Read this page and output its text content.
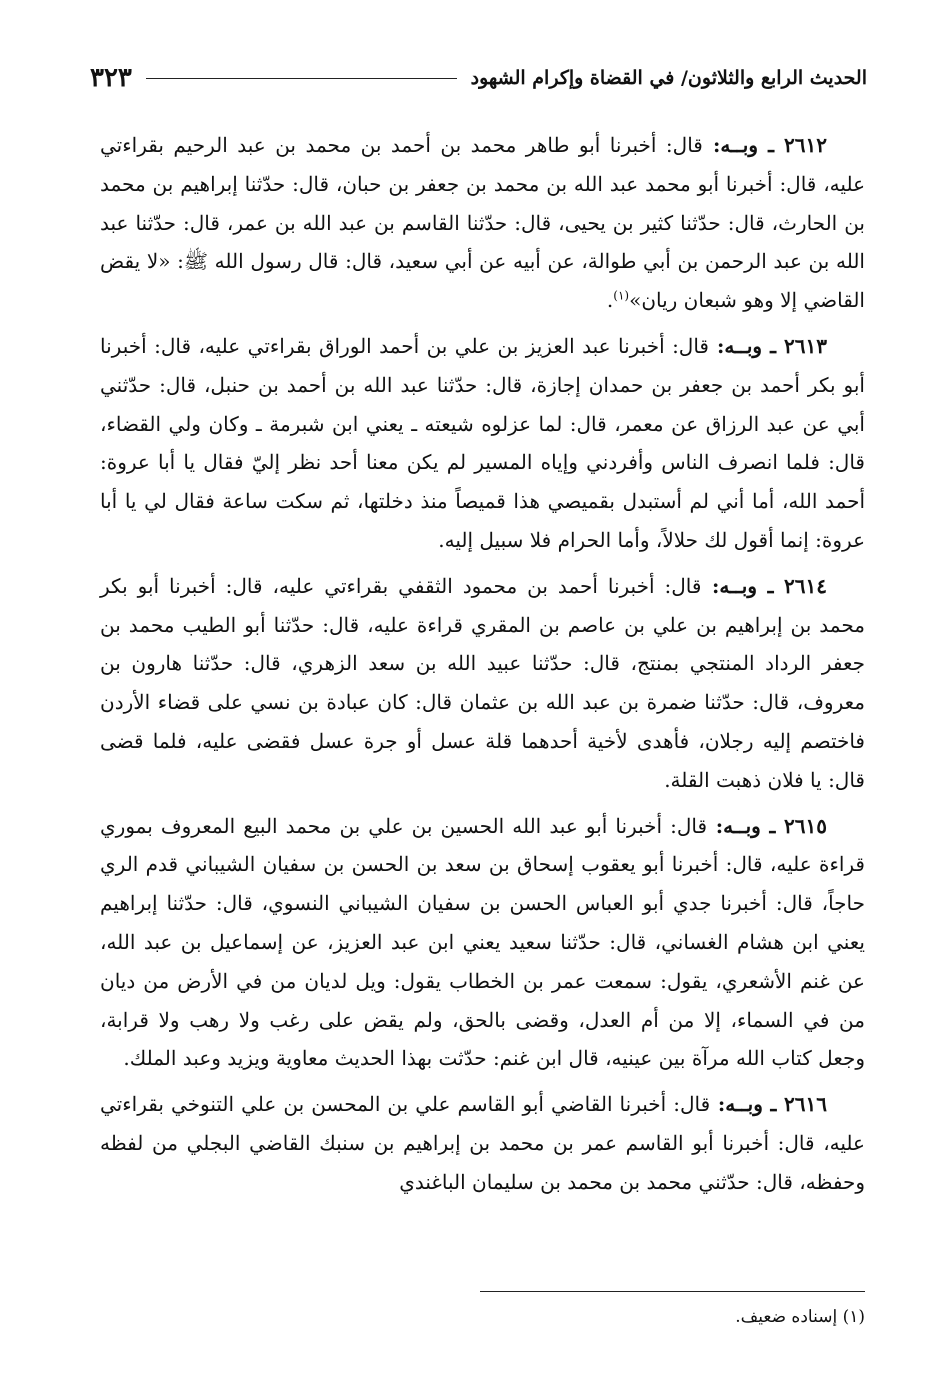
الحديث الرابع والثلاثون/ في القضاة وإكرام الشهود
٣٢٣

٢٦١٢ ـ وبــه: قال: أخبرنا أبو طاهر محمد بن أحمد بن محمد بن عبد الرحيم بقراءتي عليه، قال: أخبرنا أبو محمد عبد الله بن محمد بن جعفر بن حبان، قال: حدّثنا إبراهيم بن محمد بن الحارث، قال: حدّثنا كثير بن يحيى، قال: حدّثنا القاسم بن عبد الله بن عمر، قال: حدّثنا عبد الله بن عبد الرحمن بن أبي طوالة، عن أبيه عن أبي سعيد، قال: قال رسول الله ﷺ: «لا يقض القاضي إلا وهو شبعان ريان»$^{(١)}$.

٢٦١٣ ـ وبــه: قال: أخبرنا عبد العزيز بن علي بن أحمد الوراق بقراءتي عليه، قال: أخبرنا أبو بكر أحمد بن جعفر بن حمدان إجازة، قال: حدّثنا عبد الله بن أحمد بن حنبل، قال: حدّثني أبي عن عبد الرزاق عن معمر، قال: لما عزلوه شيعته ـ يعني ابن شبرمة ـ وكان ولي القضاء، قال: فلما انصرف الناس وأفردني وإياه المسير لم يكن معنا أحد نظر إليّ فقال يا أبا عروة: أحمد الله، أما أني لم أستبدل بقميصي هذا قميصاً منذ دخلتها، ثم سكت ساعة فقال لي يا أبا عروة: إنما أقول لك حلالاً، وأما الحرام فلا سبيل إليه.

٢٦١٤ ـ وبــه: قال: أخبرنا أحمد بن محمود الثقفي بقراءتي عليه، قال: أخبرنا أبو بكر محمد بن إبراهيم بن علي بن عاصم بن المقري قراءة عليه، قال: حدّثنا أبو الطيب محمد بن جعفر الرداد المنتجي بمنتج، قال: حدّثنا عبيد الله بن سعد الزهري، قال: حدّثنا هارون بن معروف، قال: حدّثنا ضمرة بن عبد الله بن عثمان قال: كان عبادة بن نسي على قضاء الأردن فاختصم إليه رجلان، فأهدى لأخية أحدهما قلة عسل أو جرة عسل فقضى عليه، فلما قضى قال: يا فلان ذهبت القلة.

٢٦١٥ ـ وبــه: قال: أخبرنا أبو عبد الله الحسين بن علي بن محمد البيع المعروف بموري قراءة عليه، قال: أخبرنا أبو يعقوب إسحاق بن سعد بن الحسن بن سفيان الشيباني قدم الري حاجاً، قال: أخبرنا جدي أبو العباس الحسن بن سفيان الشيباني النسوي، قال: حدّثنا إبراهيم يعني ابن هشام الغساني، قال: حدّثنا سعيد يعني ابن عبد العزيز، عن إسماعيل بن عبد الله، عن غنم الأشعري، يقول: سمعت عمر بن الخطاب يقول: ويل لديان من في الأرض من ديان من في السماء، إلا من أم العدل، وقضى بالحق، ولم يقض على رغب ولا رهب ولا قرابة، وجعل كتاب الله مرآة بين عينيه، قال ابن غنم: حدّثت بهذا الحديث معاوية ويزيد وعبد الملك.

٢٦١٦ ـ وبــه: قال: أخبرنا القاضي أبو القاسم علي بن المحسن بن علي التنوخي بقراءتي عليه، قال: أخبرنا أبو القاسم عمر بن محمد بن إبراهيم بن سنبك القاضي البجلي من لفظه وحفظه، قال: حدّثني محمد بن محمد بن سليمان الباغندي

(١) إسناده ضعيف.
